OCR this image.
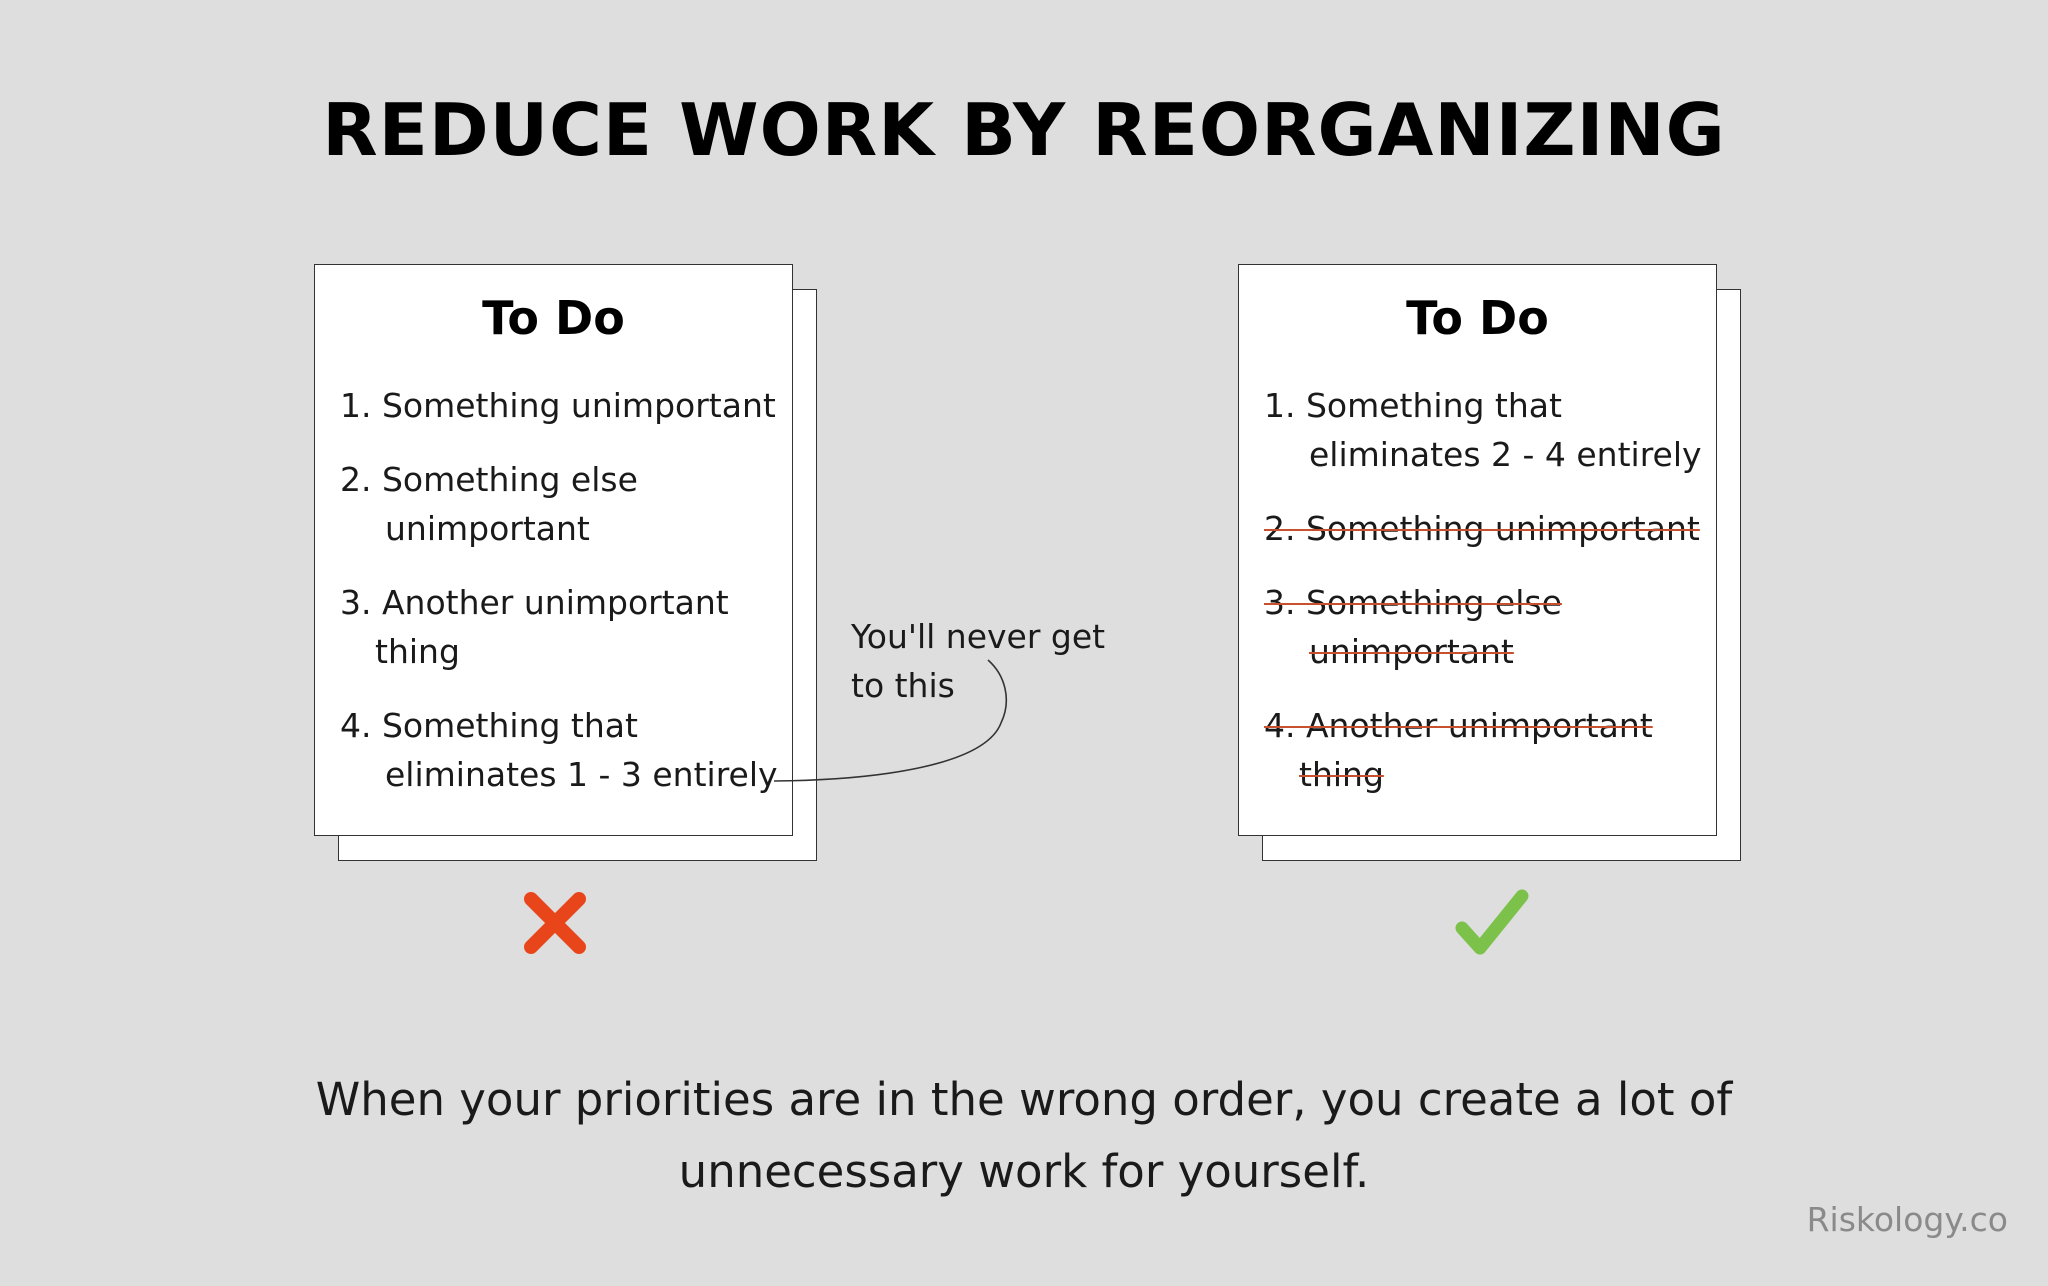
REDUCE WORK BY REORGANIZING
To Do
1. Something unimportant
2. Something else
unimportant
3. Another unimportant
thing
4. Something that
eliminates 1 - 3 entirely
To Do
1. Something that
eliminates 2 - 4 entirely
2. Something unimportant
3. Something else
unimportant
4. Another unimportant
thing
You'll never get
to this
When your priorities are in the wrong order, you create a lot of
unnecessary work for yourself.
Riskology.co
